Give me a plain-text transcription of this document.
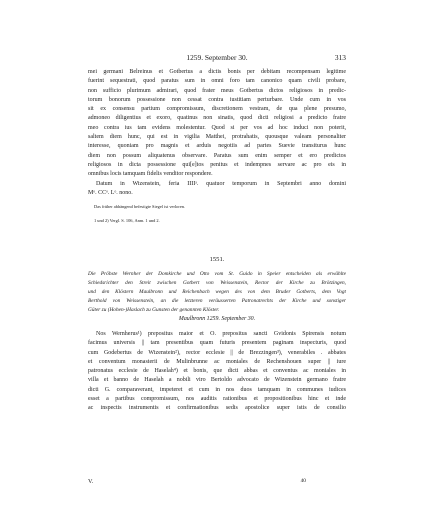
1259. September 30.	313
mei germani Belreinus et Gotbertus a dictis bonis per debitam recompensam legitime
fuerint sequestrati, quod paratus sum in omni foro tam canonico quam civili probare,
non sufficio plurimum admirari, quod frater meus Gotbertus dictos religiosos in predic-
torum bonorum possessione non cessat contra iustitiam perturbare. Unde cum in vos
sit ex consensu partium compromissum, discretionem vestram, de qua plene presumo,
admoneo diligentius et exoro, quatinus non sinatis, quod dicti religiosi a predicto fratre
meo contra ius tam evidens molestentur. Quod si per vos ad hoc induci non poterit,
saltem diem hunc, qui est in vigilia Matthei, protrahatis, quousque valeam personaliter
interesse, quoniam pro magnis et arduis negotiis ad partes Suevie transiturus hunc
diem non possum aliquatenus observare. Paratus sum enim semper et ero predictos
religiosos in dicta possessione qui[e]tos penitus et indempnes servare ac pro eis in
omnibus locis tamquam fidelis venditor respondere.
Datum in Wizenstein, feria IIIIᵃ. quatuor temporum in Septembri anno domini
Mᵒ. CCᵒ. Lᵒ. nono.
Das früher abhängend befestigte Siegel ist verloren.
1 und 2) Vergl. S. 106, Anm. 1 und 2.
1551.
Die Pröbste Wernher der Domkirche und Otto vom St. Guido in Speier entscheiden als erwählte
Schiedsrichter den Streit zwischen Gotbert von Weissenstein, Rector der Kirche zu Brötzingen,
und den Klöstern Maulbronn und Reichenbach wegen des von dem Bruder Gotberts, dem Vogt
Berthold von Weissenstein, an die letzteren veräusserten Patronatrechts der Kirche und sonstiger
Güter zu (Hohen-)Haslach zu Gunsten der genannten Klöster.
Maulbronn 1259. September 30.
Nos Wernherus¹) prepositus maior et O. prepositus sancti Gvidonis Spirensis notum
facimus universis || tam presentibus quam futuris presentem paginam inspecturis, quod
cum Godebertus de Wizenstein²), rector ecclesie || de Brezzingen³), venerabiles . abbates
et conventum monasterii de Mulinbrunne ac moniales de Rechenshouen super || iure
patronatus ecclesie de Haselah⁴) et bonis, que dicti abbas et conventus ac moniales in
villa et banno de Haselah a nobili viro Bertoldo advocato de Wizenstein germano fratre
dicti G. comparaverant, impeteret et cum in nos duos tamquam in communes iudices
esset a partibus compromissum, nos auditis rationibus et propositionibus hinc et inde
ac inspectis instrumentis et confirmationibus sedis apostolice super istis de consilio
V.	40
